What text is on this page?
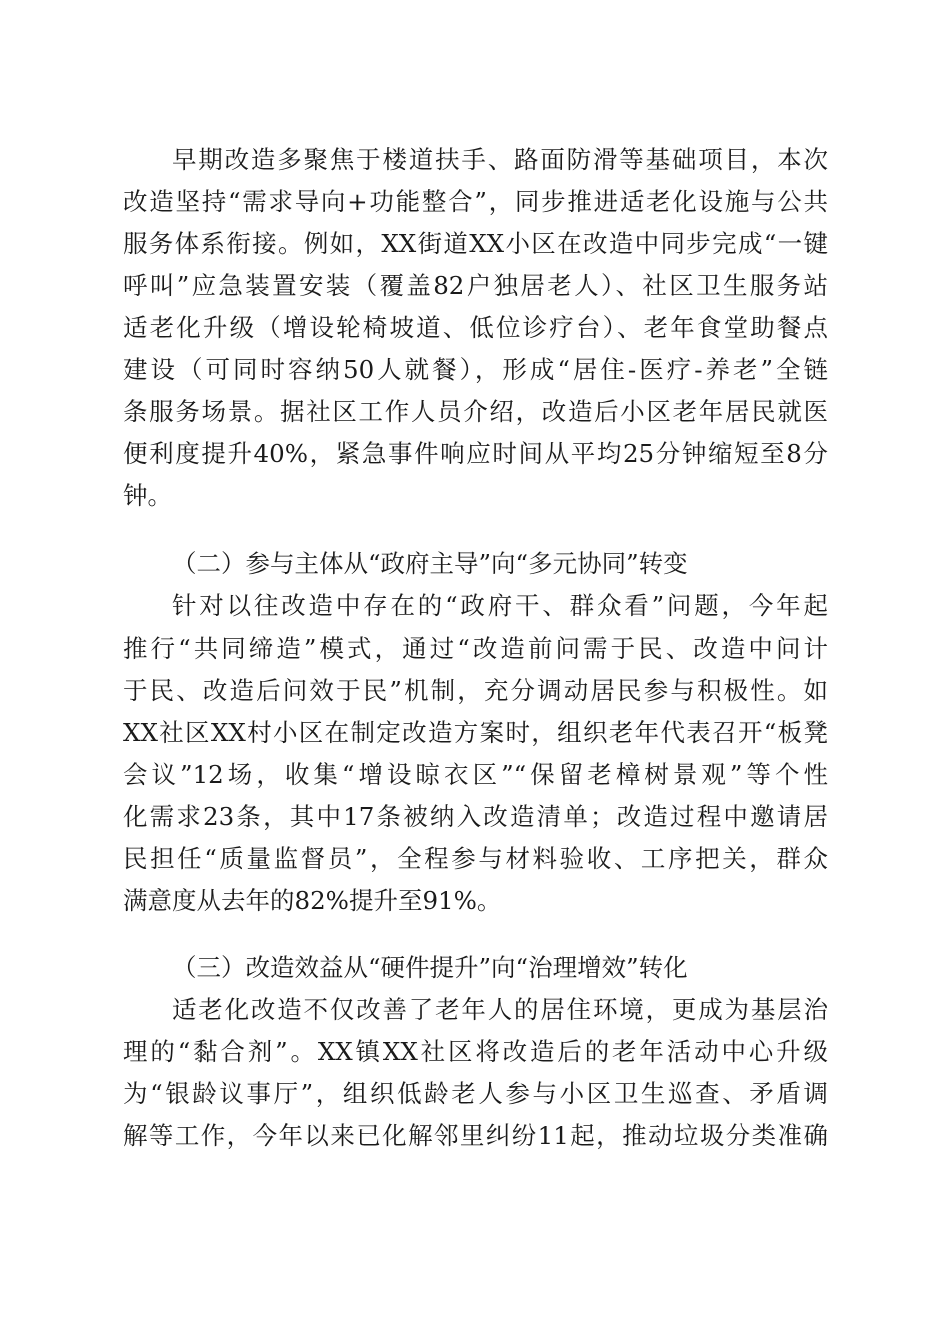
早期改造多聚焦于楼道扶手、路面防滑等基础项目，本次
改造坚持“需求导向+功能整合”，同步推进适老化设施与公共
服务体系衔接。例如，XX街道XX小区在改造中同步完成“一键
呼叫”应急装置安装（覆盖82户独居老人）、社区卫生服务站
适老化升级（增设轮椅坡道、低位诊疗台）、老年食堂助餐点
建设（可同时容纳50人就餐），形成“居住-医疗-养老”全链
条服务场景。据社区工作人员介绍，改造后小区老年居民就医
便利度提升40%，紧急事件响应时间从平均25分钟缩短至8分
钟。
（二）参与主体从“政府主导”向“多元协同”转变
针对以往改造中存在的“政府干、群众看”问题，今年起
推行“共同缔造”模式，通过“改造前问需于民、改造中问计
于民、改造后问效于民”机制，充分调动居民参与积极性。如
XX社区XX村小区在制定改造方案时，组织老年代表召开“板凳
会议”12场，收集“增设晾衣区”“保留老樟树景观”等个性
化需求23条，其中17条被纳入改造清单；改造过程中邀请居
民担任“质量监督员”，全程参与材料验收、工序把关，群众
满意度从去年的82%提升至91%。
（三）改造效益从“硬件提升”向“治理增效”转化
适老化改造不仅改善了老年人的居住环境，更成为基层治
理的“黏合剂”。XX镇XX社区将改造后的老年活动中心升级
为“银龄议事厅”，组织低龄老人参与小区卫生巡查、矛盾调
解等工作，今年以来已化解邻里纠纷11起，推动垃圾分类准确
